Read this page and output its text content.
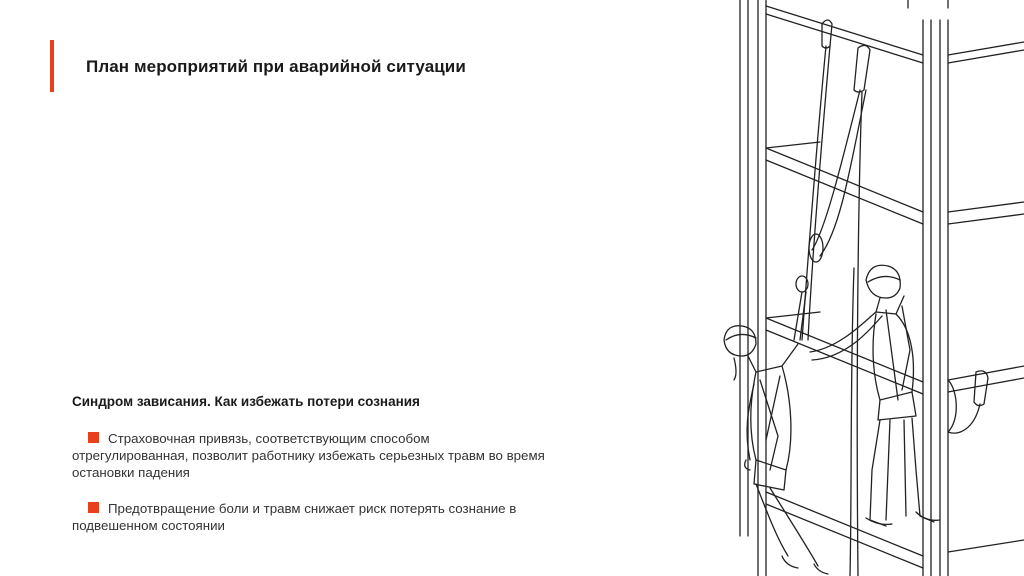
План мероприятий при аварийной ситуации
Синдром зависания. Как избежать потери сознания
Страховочная привязь, соответствующим способом
отрегулированная, позволит работнику избежать серьезных травм во время остановки падения
Предотвращение боли и травм снижает риск потерять сознание в
подвешенном состоянии
